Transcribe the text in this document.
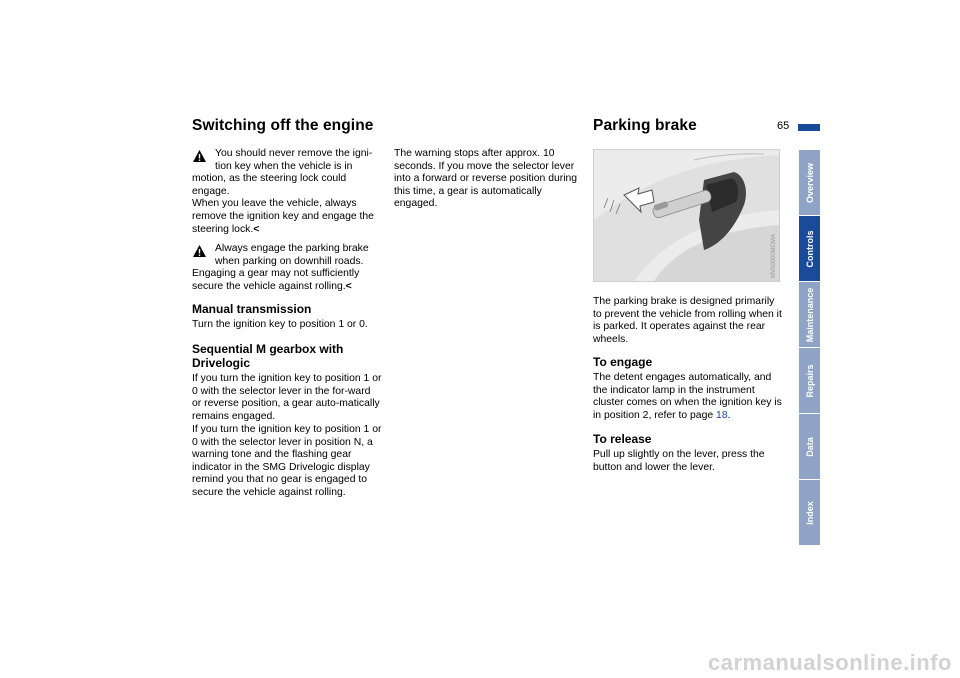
65
Switching off the engine

You should never remove the igni-
tion key when the vehicle is in
motion, as the steering lock could engage.

When you leave the vehicle, always remove the ignition key and engage the steering lock.<

Always engage the parking brake
when parking on downhill roads.
Engaging a gear may not sufficiently secure the vehicle against rolling.<

Manual transmission
Turn the ignition key to position 1 or 0.
Sequential M gearbox with Drivelogic
If you turn the ignition key to position 1 or 0 with the selector lever in the for-ward or reverse position, a gear auto-matically remains engaged.
If you turn the ignition key to position 1 or 0 with the selector lever in position N, a warning tone and the flashing gear indicator in the SMG Drivelogic display remind you that no gear is engaged to secure the vehicle against rolling.
The warning stops after approx. 10 seconds. If you move the selector lever into a forward or reverse position during this time, a gear is automatically engaged.
Parking brake
MV00000MCMA
The parking brake is designed primarily to prevent the vehicle from rolling when it is parked. It operates against the rear wheels.
To engage
The detent engages automatically, and the indicator lamp in the instrument cluster comes on when the ignition key is in position 2, refer to page 18.
To release
Pull up slightly on the lever, press the button and lower the lever.
Overview
Controls
Maintenance
Repairs
Data
Index
carmanualsonline.info
